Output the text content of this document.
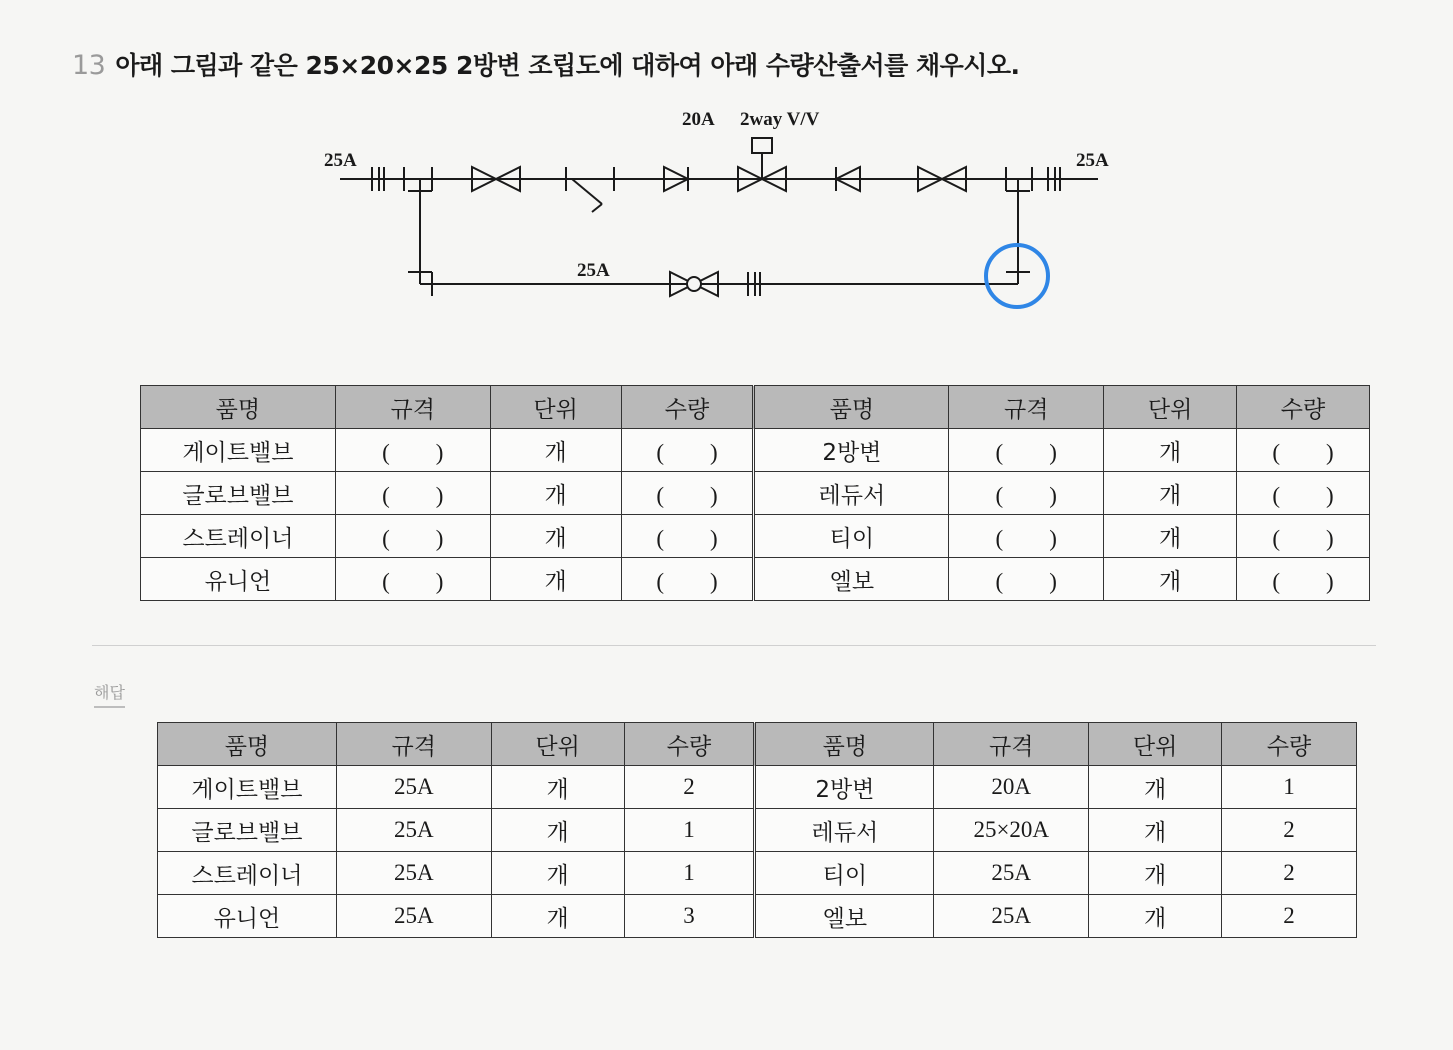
13 아래 그림과 같은 25×20×25 2방변 조립도에 대하여 아래 수량산출서를 채우시오.
25A	25A
25A
20A 2way V/V
품명	규격	단위	수량	품명	규격	단위	수량
게이트밸브	(　　)	개	(　　)	2방변	(　　)	개	(　　)
글로브밸브	(　　)	개	(　　)	레듀서	(　　)	개	(　　)
스트레이너	(　　)	개	(　　)	티이	(　　)	개	(　　)
유니언	(　　)	개	(　　)	엘보	(　　)	개	(　　)
해답
품명	규격	단위	수량	품명	규격	단위	수량
게이트밸브	25A	개	2	2방변	20A	개	1
글로브밸브	25A	개	1	레듀서	25×20A	개	2
스트레이너	25A	개	1	티이	25A	개	2
유니언	25A	개	3	엘보	25A	개	2
